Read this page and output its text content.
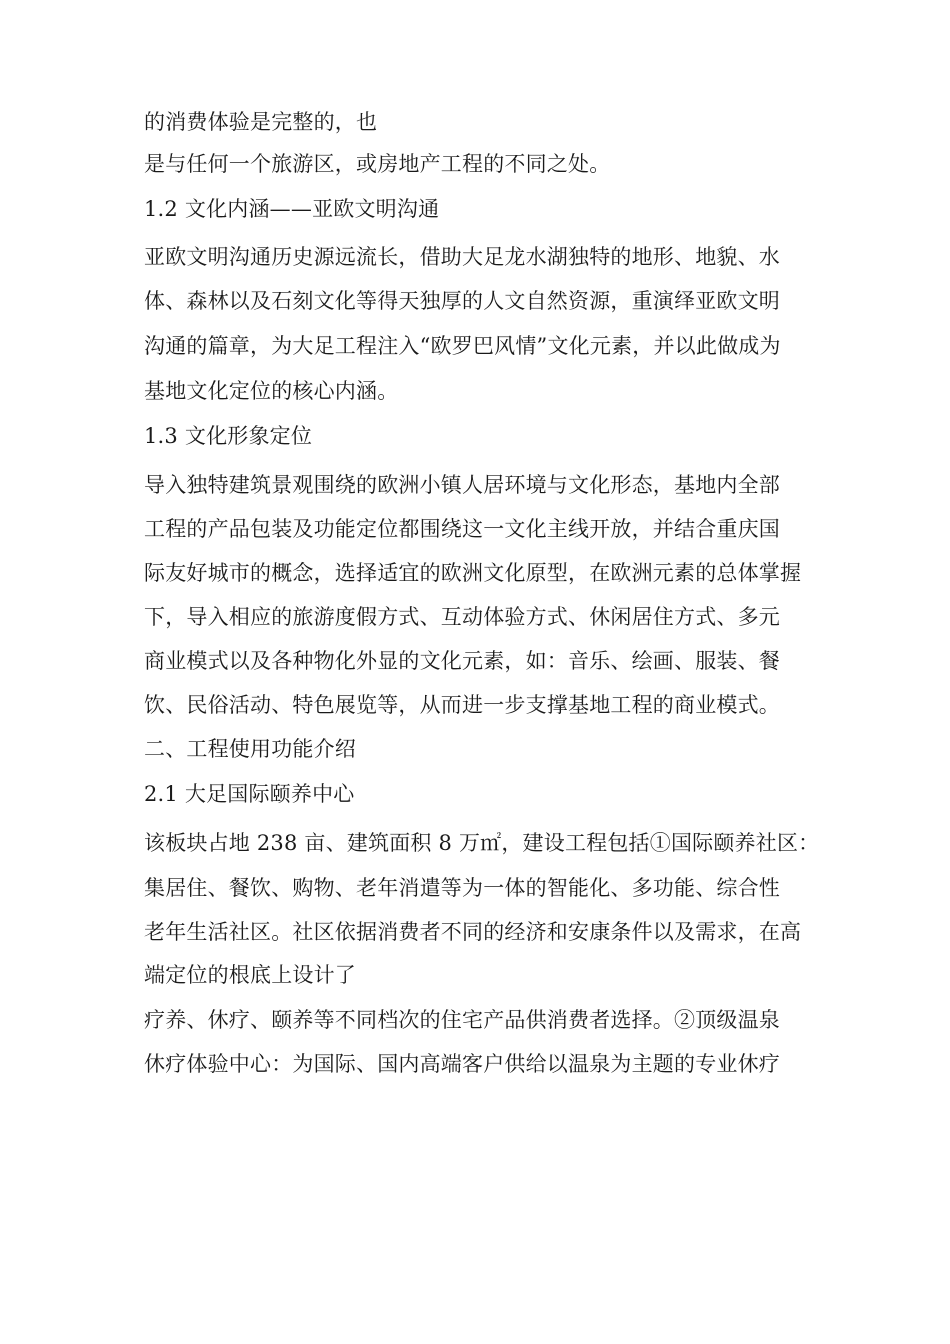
的消费体验是完整的，也

是与任何一个旅游区，或房地产工程的不同之处。

1.2 文化内涵——亚欧文明沟通

亚欧文明沟通历史源远流长，借助大足龙水湖独特的地形、地貌、水

体、森林以及石刻文化等得天独厚的人文自然资源，重演绎亚欧文明

沟通的篇章，为大足工程注入“欧罗巴风情”文化元素，并以此做成为

基地文化定位的核心内涵。

1.3 文化形象定位

导入独特建筑景观围绕的欧洲小镇人居环境与文化形态，基地内全部

工程的产品包装及功能定位都围绕这一文化主线开放，并结合重庆国

际友好城市的概念，选择适宜的欧洲文化原型，在欧洲元素的总体掌握

下，导入相应的旅游度假方式、互动体验方式、休闲居住方式、多元

商业模式以及各种物化外显的文化元素，如：音乐、绘画、服装、餐

饮、民俗活动、特色展览等，从而进一步支撑基地工程的商业模式。

二、工程使用功能介绍

2.1 大足国际颐养中心

该板块占地 238 亩、建筑面积 8 万㎡，建设工程包括①国际颐养社区：

集居住、餐饮、购物、老年消遣等为一体的智能化、多功能、综合性

老年生活社区。社区依据消费者不同的经济和安康条件以及需求，在高

端定位的根底上设计了

疗养、休疗、颐养等不同档次的住宅产品供消费者选择。②顶级温泉

休疗体验中心：为国际、国内高端客户供给以温泉为主题的专业休疗
